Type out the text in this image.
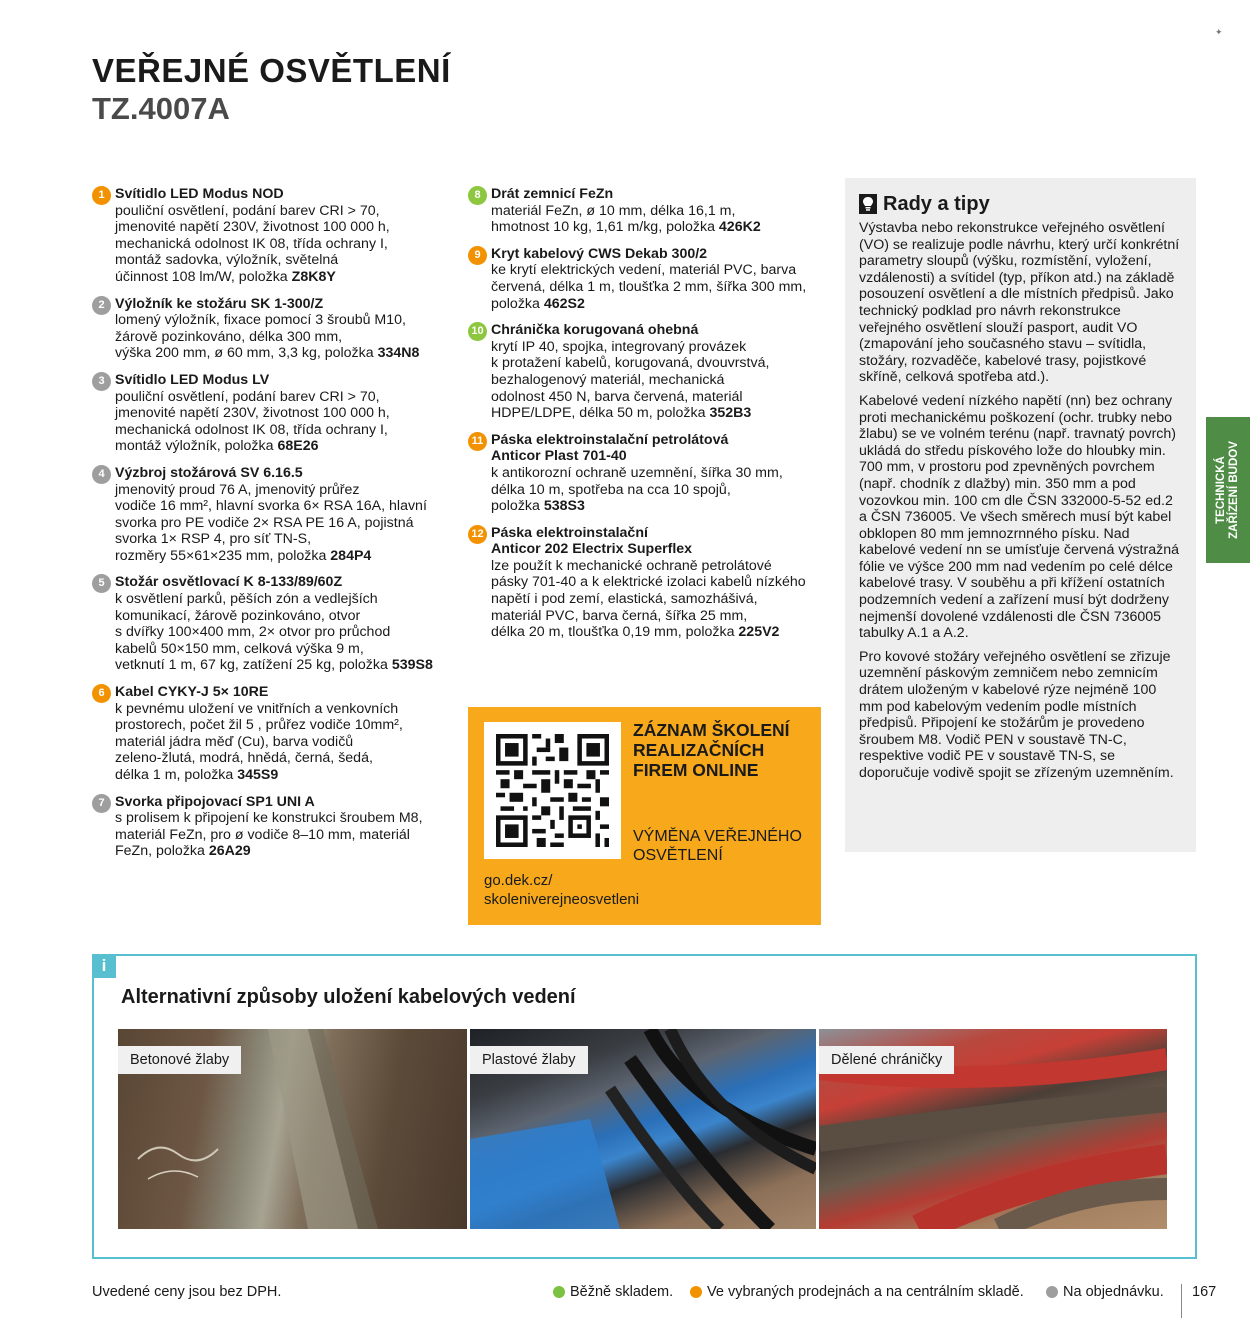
VEŘEJNÉ OSVĚTLENÍ
TZ.4007A
✦
1 Svítidlo LED Modus NOD
pouliční osvětlení, podání barev CRI > 70,
jmenovité napětí 230V, životnost 100 000 h,
mechanická odolnost IK 08, třída ochrany I,
montáž sadovka, výložník, světelná
účinnost 108 lm/W, položka Z8K8Y
2 Výložník ke stožáru SK 1-300/Z
lomený výložník, fixace pomocí 3 šroubů M10,
žárově pozinkováno, délka 300 mm,
výška 200 mm, ø 60 mm, 3,3 kg, položka 334N8
3 Svítidlo LED Modus LV
pouliční osvětlení, podání barev CRI > 70,
jmenovité napětí 230V, životnost 100 000 h,
mechanická odolnost IK 08, třída ochrany I,
montáž výložník, položka 68E26
4 Výzbroj stožárová SV 6.16.5
jmenovitý proud 76 A, jmenovitý průřez
vodiče 16 mm², hlavní svorka 6× RSA 16A, hlavní
svorka pro PE vodiče 2× RSA PE 16 A, pojistná
svorka 1× RSP 4, pro síť TN-S,
rozměry 55×61×235 mm, položka 284P4
5 Stožár osvětlovací K 8-133/89/60Z
k osvětlení parků, pěších zón a vedlejších
komunikací, žárově pozinkováno, otvor
s dvířky 100×400 mm, 2× otvor pro průchod
kabelů 50×150 mm, celková výška 9 m,
vetknutí 1 m, 67 kg, zatížení 25 kg, položka 539S8
6 Kabel CYKY-J 5× 10RE
k pevnému uložení ve vnitřních a venkovních
prostorech, počet žil 5 , průřez vodiče 10mm²,
materiál jádra měď (Cu), barva vodičů
zeleno-žlutá, modrá, hnědá, černá, šedá,
délka 1 m, položka 345S9
7 Svorka připojovací SP1 UNI A
s prolisem k připojení ke konstrukci šroubem M8,
materiál FeZn, pro ø vodiče 8–10 mm, materiál
FeZn, položka 26A29
8 Drát zemnicí FeZn
materiál FeZn, ø 10 mm, délka 16,1 m,
hmotnost 10 kg, 1,61 m/kg, položka 426K2
9 Kryt kabelový CWS Dekab 300/2
ke krytí elektrických vedení, materiál PVC, barva
červená, délka 1 m, tloušťka 2 mm, šířka 300 mm,
položka 462S2
10 Chránička korugovaná ohebná
krytí IP 40, spojka, integrovaný provázek
k protažení kabelů, korugovaná, dvouvrstvá,
bezhalogenový materiál, mechanická
odolnost 450 N, barva červená, materiál
HDPE/LDPE, délka 50 m, položka 352B3
11 Páska elektroinstalační petrolátová
Anticor Plast 701-40
k antikorozní ochraně uzemnění, šířka 30 mm,
délka 10 m, spotřeba na cca 10 spojů,
položka 538S3
12 Páska elektroinstalační
Anticor 202 Electrix Superflex
lze použít k mechanické ochraně petrolátové
pásky 701-40 a k elektrické izolaci kabelů nízkého
napětí i pod zemí, elastická, samozhášivá,
materiál PVC, barva černá, šířka 25 mm,
délka 20 m, tloušťka 0,19 mm, položka 225V2
ZÁZNAM ŠKOLENÍ
REALIZAČNÍCH
FIREM ONLINE
VÝMĚNA VEŘEJNÉHO
OSVĚTLENÍ
go.dek.cz/
skoleniverejneosvetleni
Rady a tipy

Výstavba nebo rekonstrukce veřejného osvětlení (VO) se realizuje podle návrhu, který určí konkrétní parametry sloupů (výšku, rozmístění, vyložení, vzdálenosti) a svítidel (typ, příkon atd.) na základě posouzení osvětlení a dle místních předpisů. Jako technický podklad pro návrh rekonstrukce veřejného osvětlení slouží pasport, audit VO (zmapování jeho současného stavu – svítidla, stožáry, rozvaděče, kabelové trasy, pojistkové skříně, celková spotřeba atd.).

Kabelové vedení nízkého napětí (nn) bez ochrany proti mechanickému poškození (ochr. trubky nebo žlabu) se ve volném terénu (např. travnatý povrch) ukládá do středu pískového lože do hloubky min. 700 mm, v prostoru pod zpevněných povrchem (např. chodník z dlažby) min. 350 mm a pod vozovkou min. 100 cm dle ČSN 332000-5-52 ed.2 a ČSN 736005. Ve všech směrech musí být kabel obklopen 80 mm jemnozrnného písku. Nad kabelové vedení nn se umísťuje červená výstražná fólie ve výšce 200 mm nad vedením po celé délce kabelové trasy. V souběhu a při křížení ostatních podzemních vedení a zařízení musí být dodrženy nejmenší dovolené vzdálenosti dle ČSN 736005 tabulky A.1 a A.2.

Pro kovové stožáry veřejného osvětlení se zřizuje uzemnění páskovým zemničem nebo zemnicím drátem uloženým v kabelové rýze nejméně 100 mm pod kabelovým vedením podle místních předpisů. Připojení ke stožárům je provedeno šroubem M8. Vodič PEN v soustavě TN-C, respektive vodič PE v soustavě TN-S, se doporučuje vodivě spojit se zřízeným uzemněním.

TECHNICKÁ
ZAŘÍZENÍ BUDOV
i
Alternativní způsoby uložení kabelových vedení
Betonové žlaby	Plastové žlaby	Dělené chráničky
Uvedené ceny jsou bez DPH.	Běžně skladem. Ve vybraných prodejnách a na centrálním skladě.	Na objednávku. 167
